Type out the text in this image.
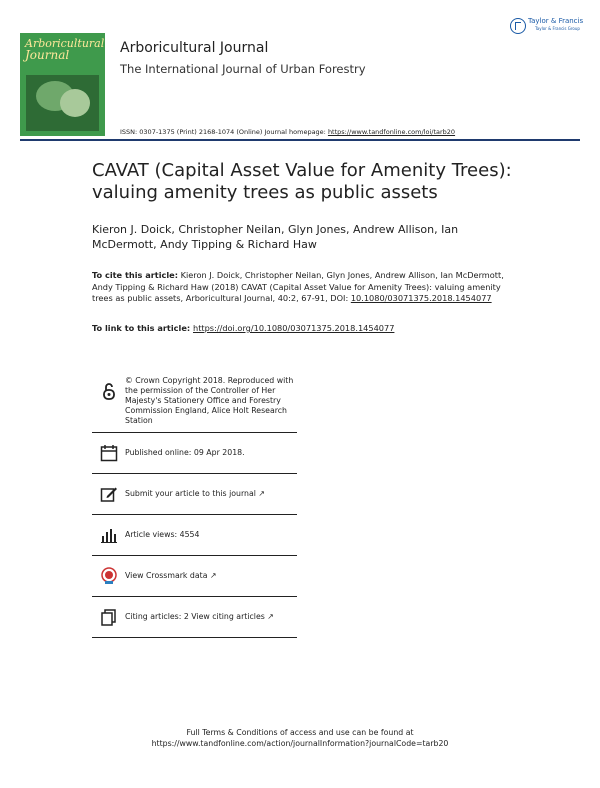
Arboricultural
Journal
Taylor & Francis
Taylor & Francis Group
Arboricultural Journal
The International Journal of Urban Forestry
ISSN: 0307-1375 (Print) 2168-1074 (Online) Journal homepage: https://www.tandfonline.com/loi/tarb20
CAVAT (Capital Asset Value for Amenity Trees): valuing amenity trees as public assets
Kieron J. Doick, Christopher Neilan, Glyn Jones, Andrew Allison, Ian McDermott, Andy Tipping & Richard Haw
To cite this article: Kieron J. Doick, Christopher Neilan, Glyn Jones, Andrew Allison, Ian McDermott, Andy Tipping & Richard Haw (2018) CAVAT (Capital Asset Value for Amenity Trees): valuing amenity trees as public assets, Arboricultural Journal, 40:2, 67-91, DOI: 10.1080/03071375.2018.1454077
To link to this article: https://doi.org/10.1080/03071375.2018.1454077
© Crown Copyright 2018. Reproduced with the permission of the Controller of Her Majesty's Stationery Office and Forestry Commission England, Alice Holt Research Station
Published online: 09 Apr 2018.
Submit your article to this journal ↗
Article views: 4554
View Crossmark data ↗
Citing articles: 2 View citing articles ↗
Full Terms & Conditions of access and use can be found at
https://www.tandfonline.com/action/journalInformation?journalCode=tarb20
